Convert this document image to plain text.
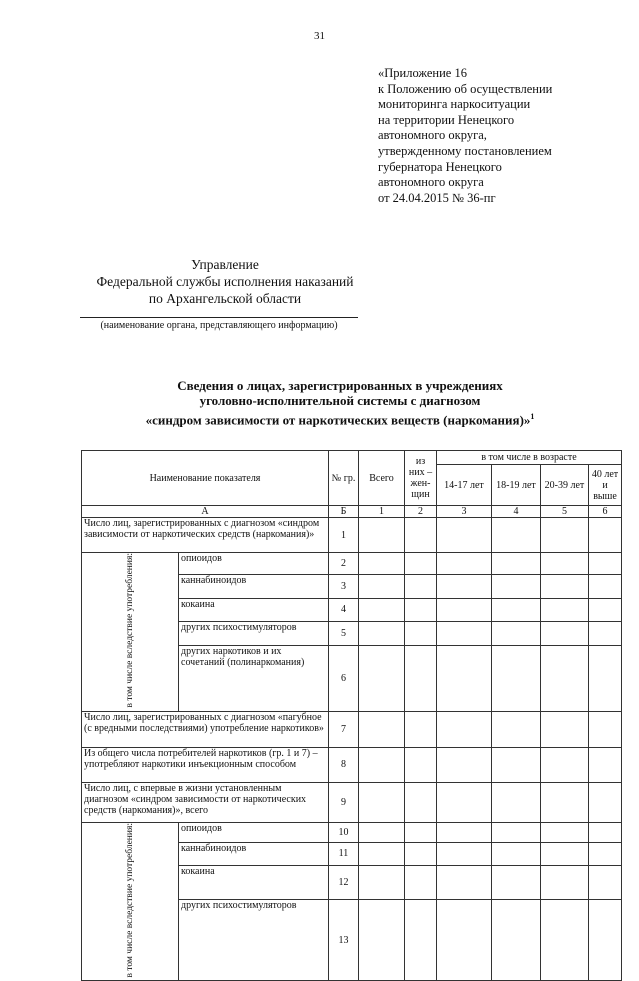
31
«Приложение 16
к Положению об осуществлении
мониторинга наркоситуации
на территории Ненецкого
автономного округа,
утвержденному постановлением
губернатора Ненецкого
автономного округа
от 24.04.2015 № 36-пг
Управление
Федеральной службы исполнения наказаний
по Архангельской области
(наименование органа, представляющего информацию)
Сведения о лицах, зарегистрированных в учреждениях
уголовно-исполнительной системы с диагнозом
«синдром зависимости от наркотических веществ (наркомания)»$^1$
Наименование показателя		№ гр.	Всего	из них – жен- щин	в том числе в возрасте			
					14-17 лет	18-19 лет	20-39 лет	40 лет и выше
А		Б	1	2	3	4	5	6
Число лиц, зарегистрированных с диагнозом «синдром зависимости от наркотических средств (наркомания)»		1						
в том числе вследствие употребления:	опиоидов	2						
	каннабиноидов	3						
	кокаина	4						
	других психостимуляторов	5						
	других наркотиков и их сочетаний (полинаркомания)	6						
Число лиц, зарегистрированных с диагнозом «пагубное (с вредными последствиями) употребление наркотиков»		7						
Из общего числа потребителей наркотиков (гр. 1 и 7) – употребляют наркотики инъекционным способом		8						
Число лиц, с впервые в жизни установленным диагнозом «синдром зависимости от наркотических средств (наркомания)», всего		9						
в том числе вследствие употребления:	опиоидов	10						
	каннабиноидов	11						
	кокаина	12						
	других психостимуляторов	13						
